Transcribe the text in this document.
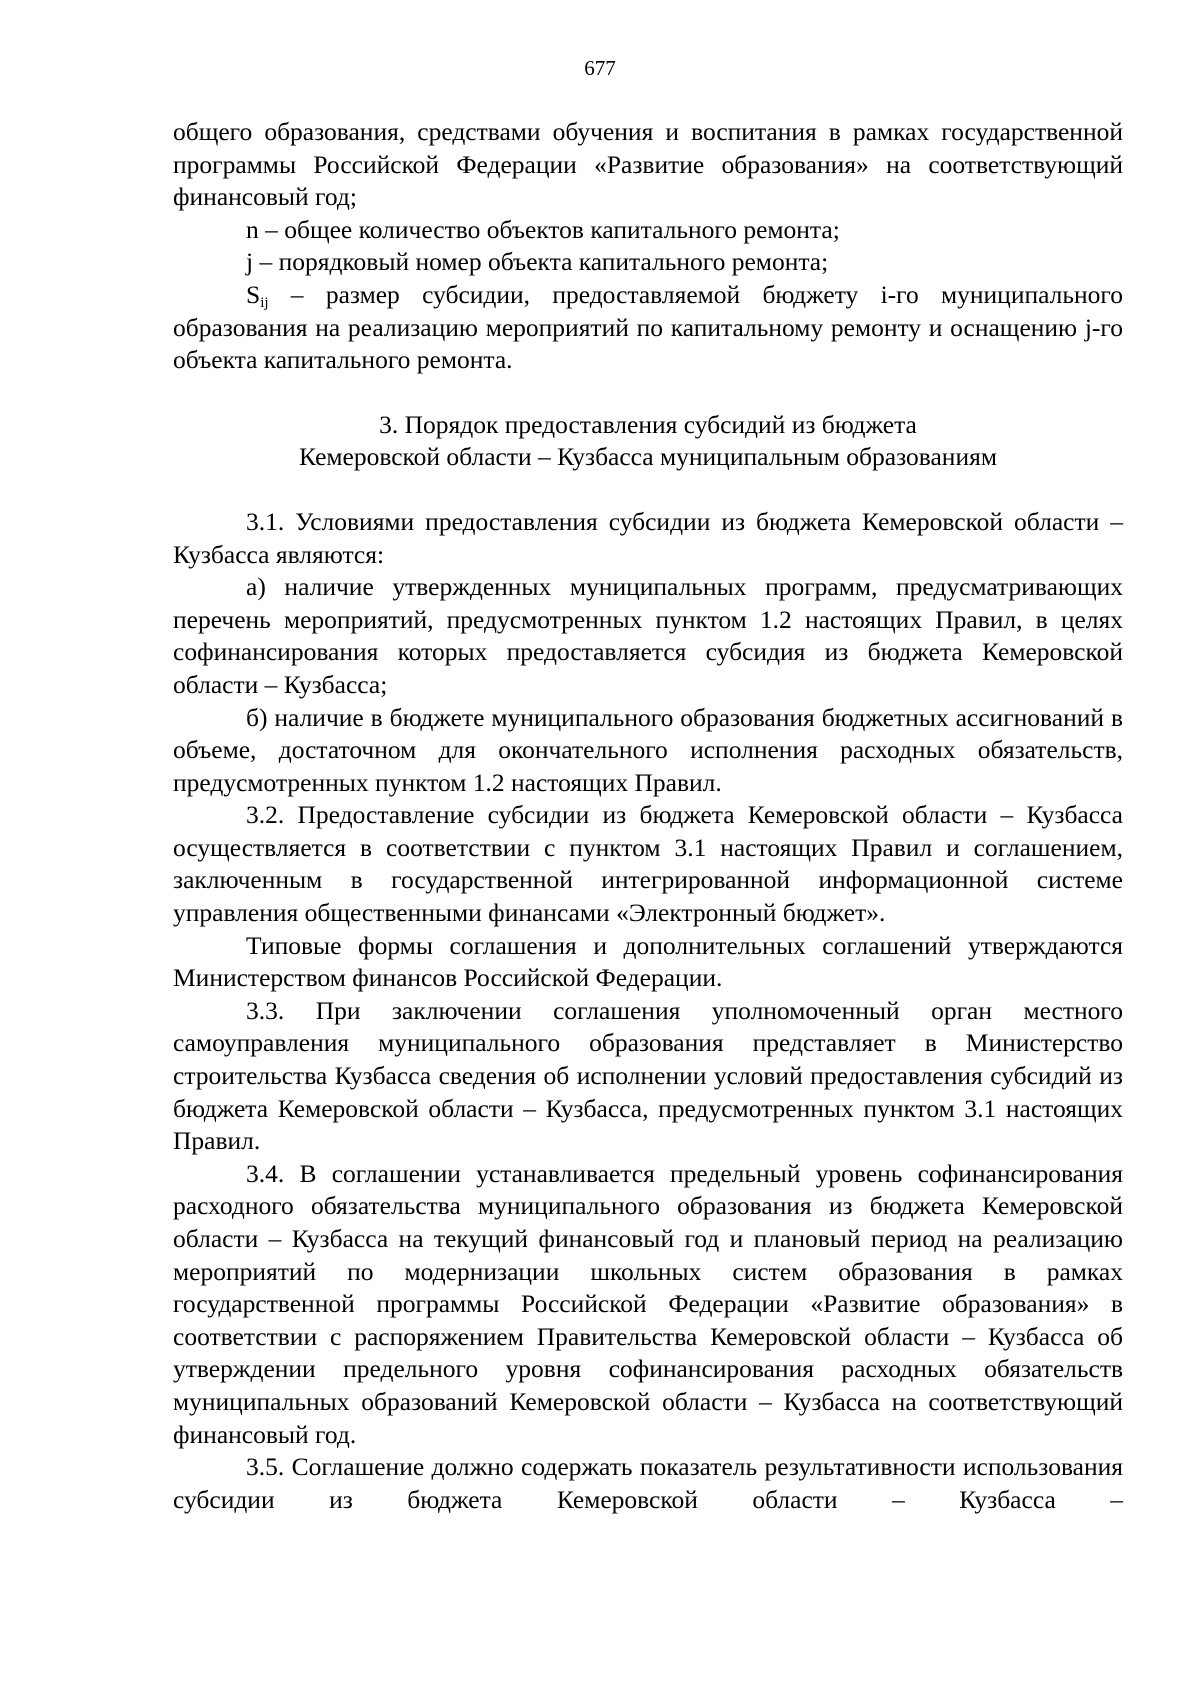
677

общего образования, средствами обучения и воспитания в рамках государственной программы Российской Федерации «Развитие образования» на соответствующий финансовый год;

n – общее количество объектов капитального ремонта;

j – порядковый номер объекта капитального ремонта;

$S_{ij}$ – размер субсидии, предоставляемой бюджету i-го муниципального образования на реализацию мероприятий по капитальному ремонту и оснащению j-го объекта капитального ремонта.

3. Порядок предоставления субсидий из бюджета
Кемеровской области – Кузбасса муниципальным образованиям

3.1. Условиями предоставления субсидии из бюджета Кемеровской области – Кузбасса являются:

а) наличие утвержденных муниципальных программ, предусматривающих перечень мероприятий, предусмотренных пунктом 1.2 настоящих Правил, в целях софинансирования которых предоставляется субсидия из бюджета Кемеровской области – Кузбасса;

б) наличие в бюджете муниципального образования бюджетных ассигнований в объеме, достаточном для окончательного исполнения расходных обязательств, предусмотренных пунктом 1.2 настоящих Правил.

3.2. Предоставление субсидии из бюджета Кемеровской области – Кузбасса осуществляется в соответствии с пунктом 3.1 настоящих Правил и соглашением, заключенным в государственной интегрированной информационной системе управления общественными финансами «Электронный бюджет».

Типовые формы соглашения и дополнительных соглашений утверждаются Министерством финансов Российской Федерации.

3.3. При заключении соглашения уполномоченный орган местного самоуправления муниципального образования представляет в Министерство строительства Кузбасса сведения об исполнении условий предоставления субсидий из бюджета Кемеровской области – Кузбасса, предусмотренных пунктом 3.1 настоящих Правил.

3.4. В соглашении устанавливается предельный уровень софинансирования расходного обязательства муниципального образования из бюджета Кемеровской области – Кузбасса на текущий финансовый год и плановый период на реализацию мероприятий по модернизации школьных систем образования в рамках государственной программы Российской Федерации «Развитие образования» в соответствии с распоряжением Правительства Кемеровской области – Кузбасса об утверждении предельного уровня софинансирования расходных обязательств муниципальных образований Кемеровской области – Кузбасса на соответствующий финансовый год.

3.5. Соглашение должно содержать показатель результативности использования субсидии из бюджета Кемеровской области – Кузбасса –
